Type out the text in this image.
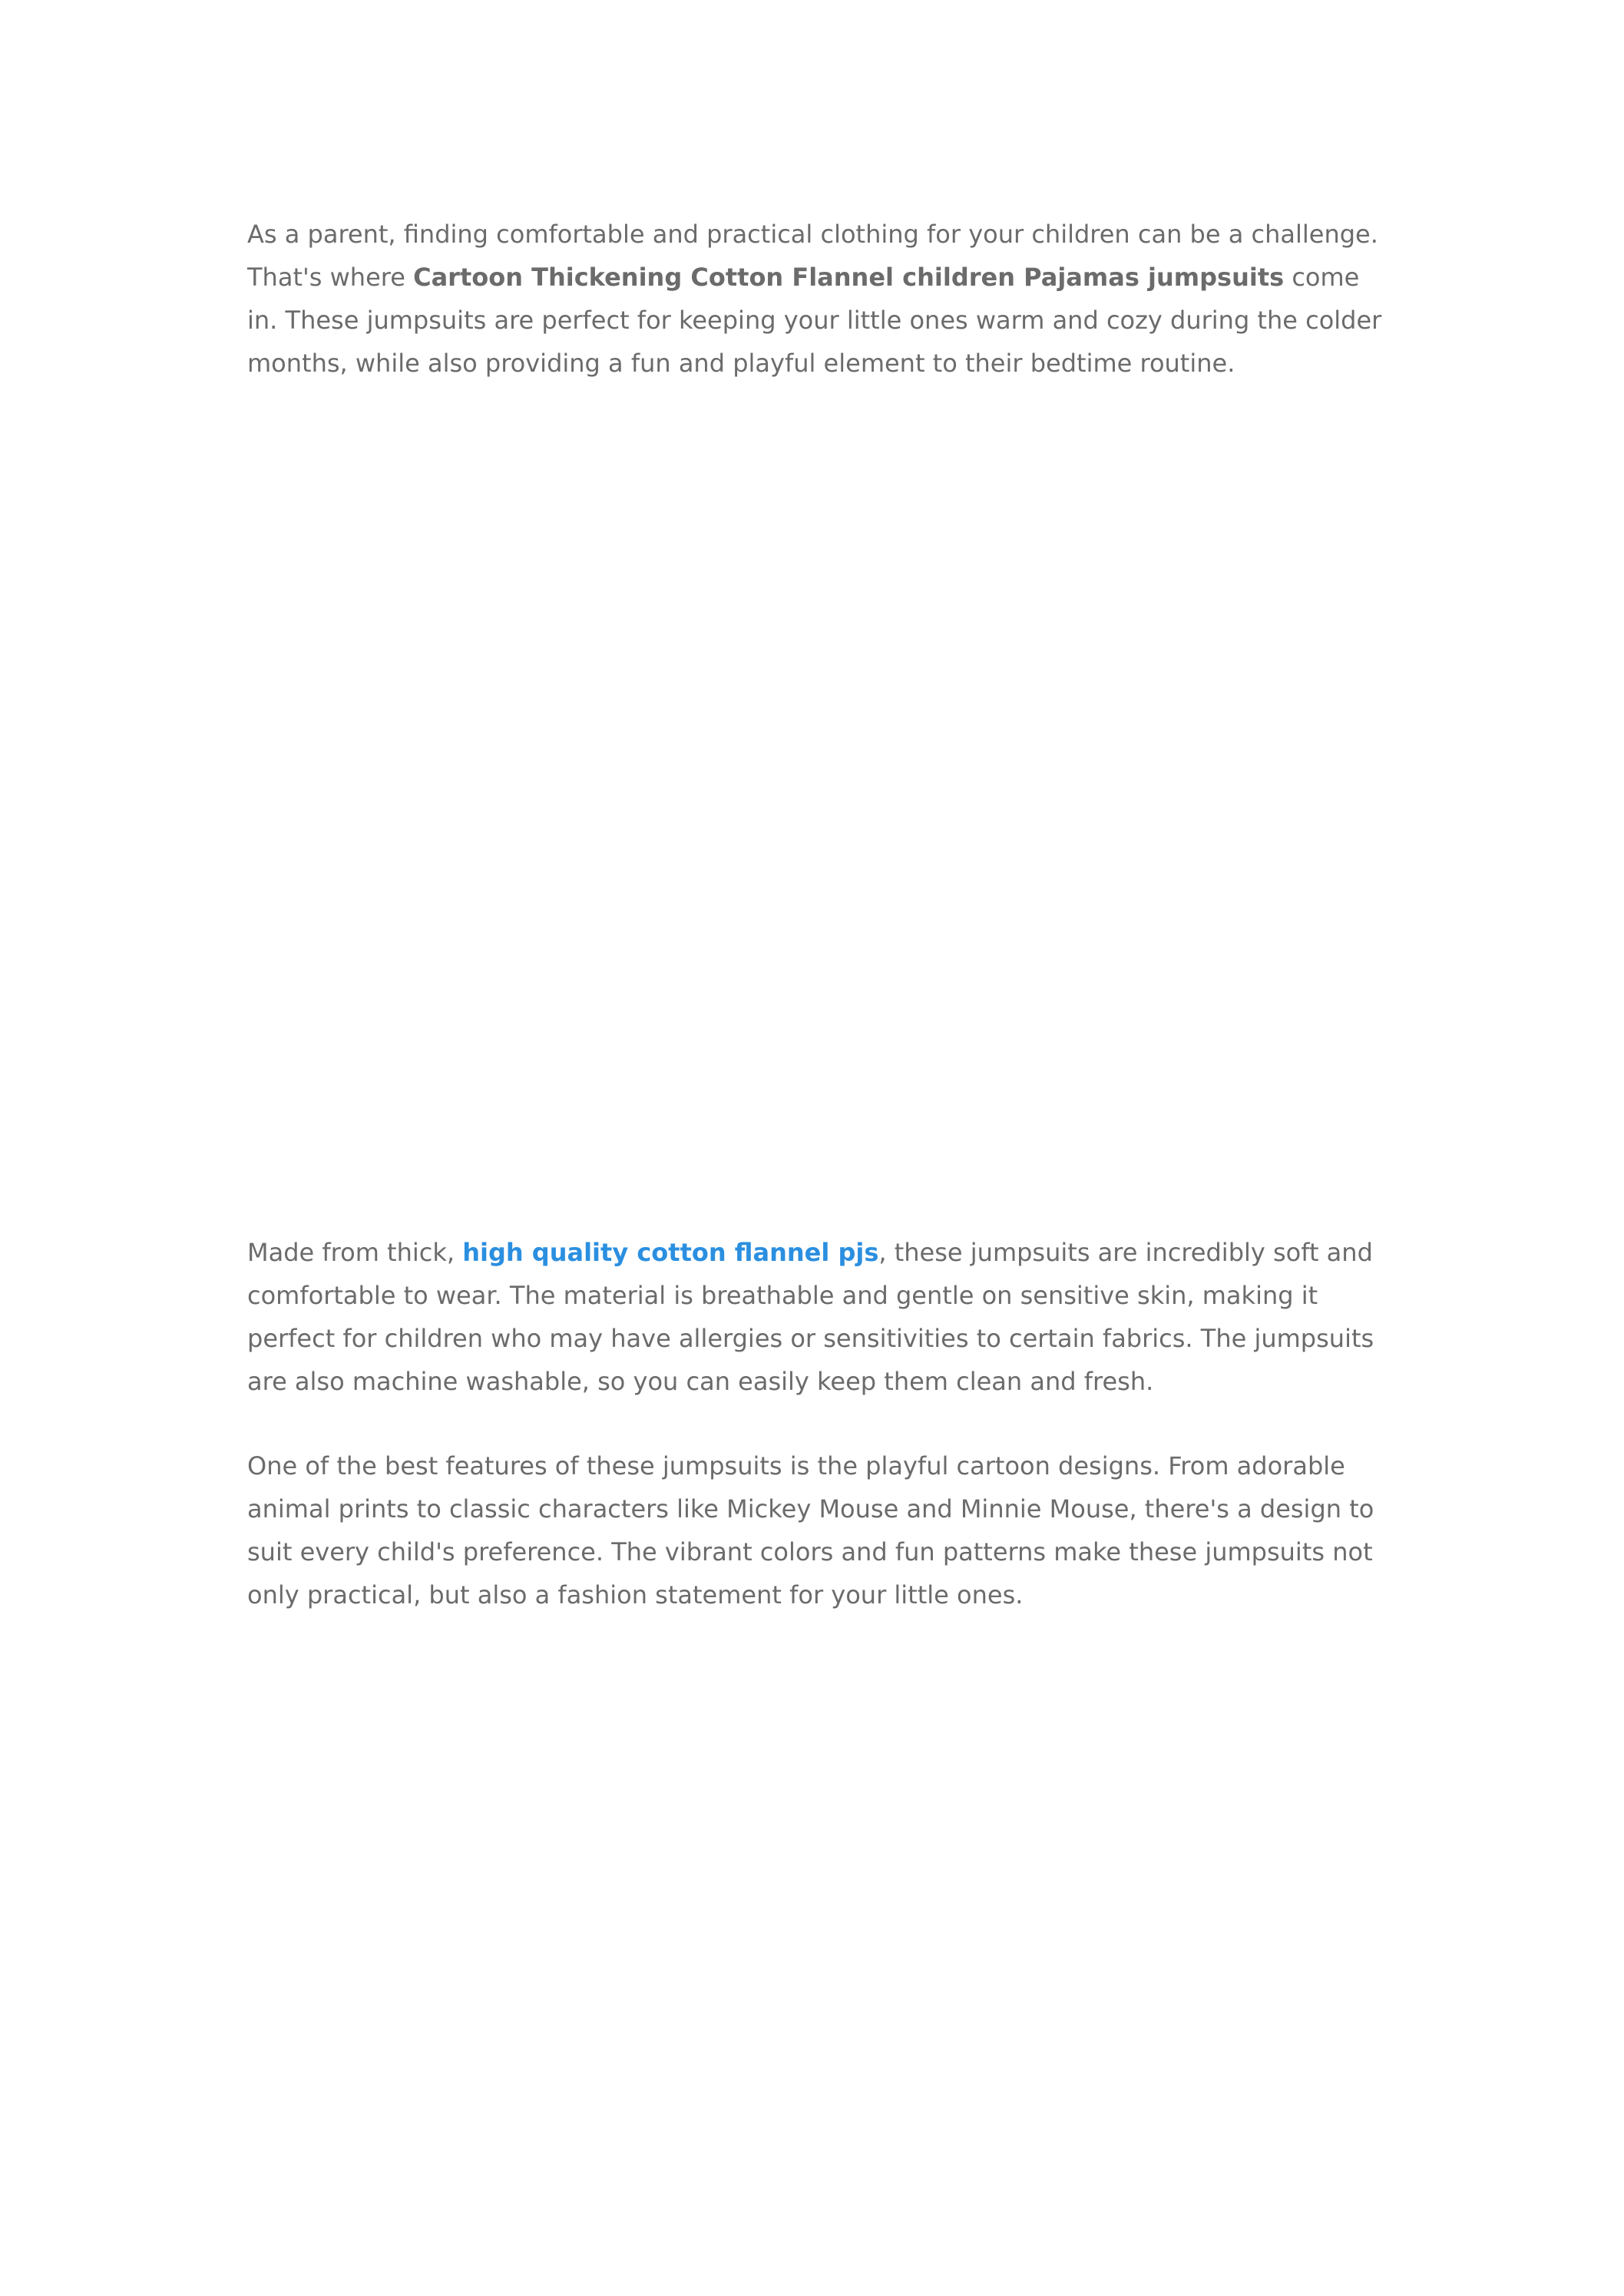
As a parent, finding comfortable and practical clothing for your children can be a challenge. That's where Cartoon Thickening Cotton Flannel children Pajamas jumpsuits come in. These jumpsuits are perfect for keeping your little ones warm and cozy during the colder months, while also providing a fun and playful element to their bedtime routine.

Made from thick, high quality cotton flannel pjs, these jumpsuits are incredibly soft and comfortable to wear. The material is breathable and gentle on sensitive skin, making it perfect for children who may have allergies or sensitivities to certain fabrics. The jumpsuits are also machine washable, so you can easily keep them clean and fresh.

One of the best features of these jumpsuits is the playful cartoon designs. From adorable animal prints to classic characters like Mickey Mouse and Minnie Mouse, there's a design to suit every child's preference. The vibrant colors and fun patterns make these jumpsuits not only practical, but also a fashion statement for your little ones.
